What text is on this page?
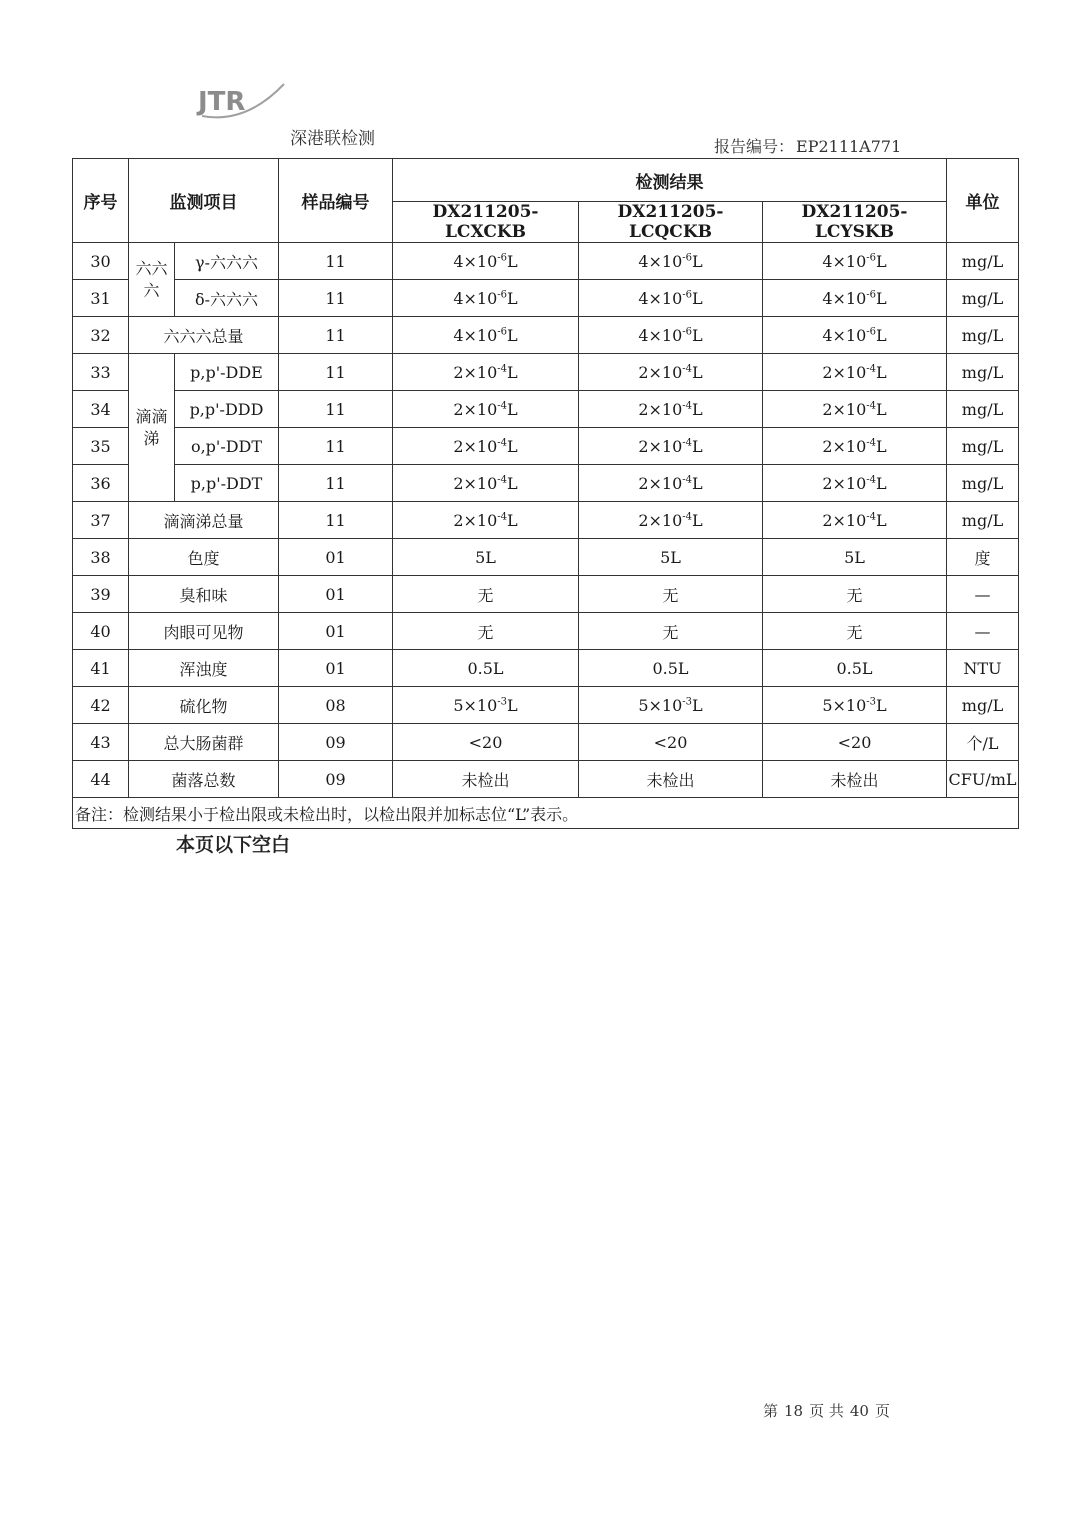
JTR
深港联检测	报告编号： EP2111A771
序号	监测项目		样品编号	检测结果			单位
				DX211205-LCXCKB	DX211205-LCQCKB	DX211205-LCYSKB	
30	六六六	γ-六六六	11	$4\times 10^{-6}L$	$4\times 10^{-6}L$	$4\times 10^{-6}L$	mg/L
31		δ-六六六	11	$4\times 10^{-6}L$	$4\times 10^{-6}L$	$4\times 10^{-6}L$	mg/L
32	六六六总量		11	$4\times 10^{-6}L$	$4\times 10^{-6}L$	$4\times 10^{-6}L$	mg/L
33	滴滴涕	p,p'-DDE	11	$2\times 10^{-4}L$	$2\times 10^{-4}L$	$2\times 10^{-4}L$	mg/L
34		p,p'-DDD	11	$2\times 10^{-4}L$	$2\times 10^{-4}L$	$2\times 10^{-4}L$	mg/L
35		o,p'-DDT	11	$2\times 10^{-4}L$	$2\times 10^{-4}L$	$2\times 10^{-4}L$	mg/L
36		p,p'-DDT	11	$2\times 10^{-4}L$	$2\times 10^{-4}L$	$2\times 10^{-4}L$	mg/L
37	滴滴涕总量		11	$2\times 10^{-4}L$	$2\times 10^{-4}L$	$2\times 10^{-4}L$	mg/L
38	色度		01	5L	5L	5L	度
39	臭和味		01	无	无	无	—
40	肉眼可见物		01	无	无	无	—
41	浑浊度		01	0.5L	0.5L	0.5L	NTU
42	硫化物		08	$5\times 10^{-3}L$	$5\times 10^{-3}L$	$5\times 10^{-3}L$	mg/L
43	总大肠菌群		09	<20	<20	<20	个/L
44	菌落总数		09	未检出	未检出	未检出	CFU/mL
备注：检测结果小于检出限或未检出时，以检出限并加标志位“L”表示。							
本页以下空白
第 18 页 共 40 页
